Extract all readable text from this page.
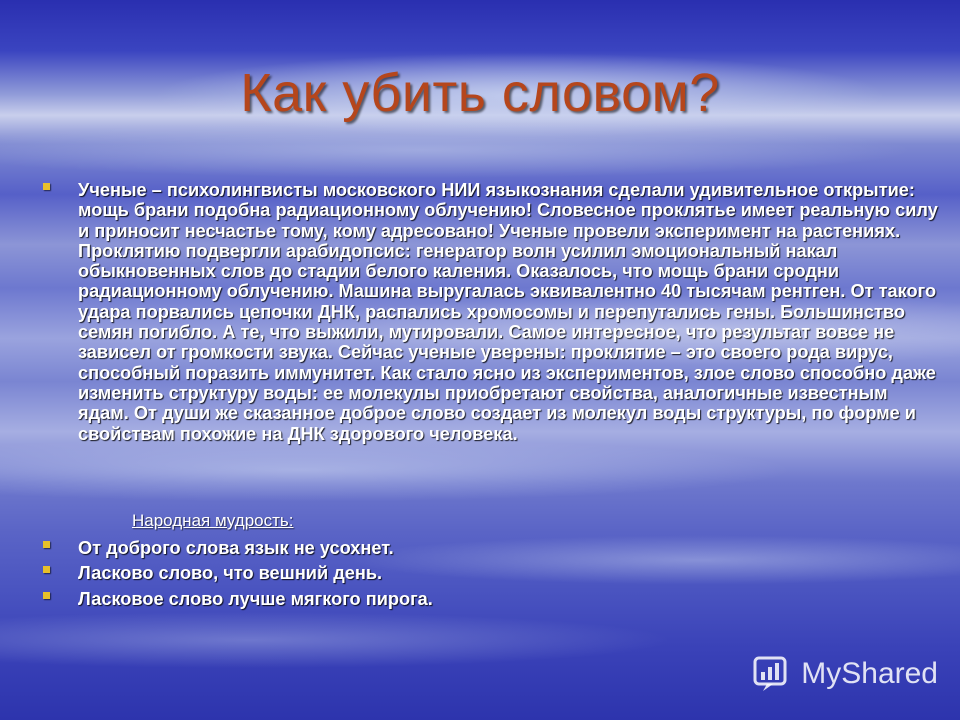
Как убить словом?
Ученые – психолингвисты московского НИИ языкознания сделали удивительное открытие: мощь брани подобна радиационному облучению! Словесное проклятье имеет реальную силу и приносит несчастье тому, кому адресовано! Ученые провели эксперимент на растениях. Проклятию подвергли арабидопсис: генератор волн усилил эмоциональный накал обыкновенных слов до стадии белого каления. Оказалось, что мощь брани сродни радиационному облучению. Машина выругалась эквивалентно 40 тысячам рентген. От такого удара порвались цепочки ДНК, распались хромосомы и перепутались гены. Большинство семян погибло. А те, что выжили, мутировали. Самое интересное, что результат вовсе не зависел от громкости звука. Сейчас ученые уверены: проклятие – это своего рода вирус, способный поразить иммунитет. Как стало ясно из экспериментов, злое слово способно даже изменить структуру воды: ее молекулы приобретают свойства, аналогичные известным ядам. От души же сказанное доброе слово создает из молекул воды структуры, по форме и свойствам похожие на ДНК здорового человека.
Народная мудрость:
От доброго слова язык не усохнет.
Ласково слово, что вешний день.
Ласковое слово лучше мягкого пирога.
MyShared
